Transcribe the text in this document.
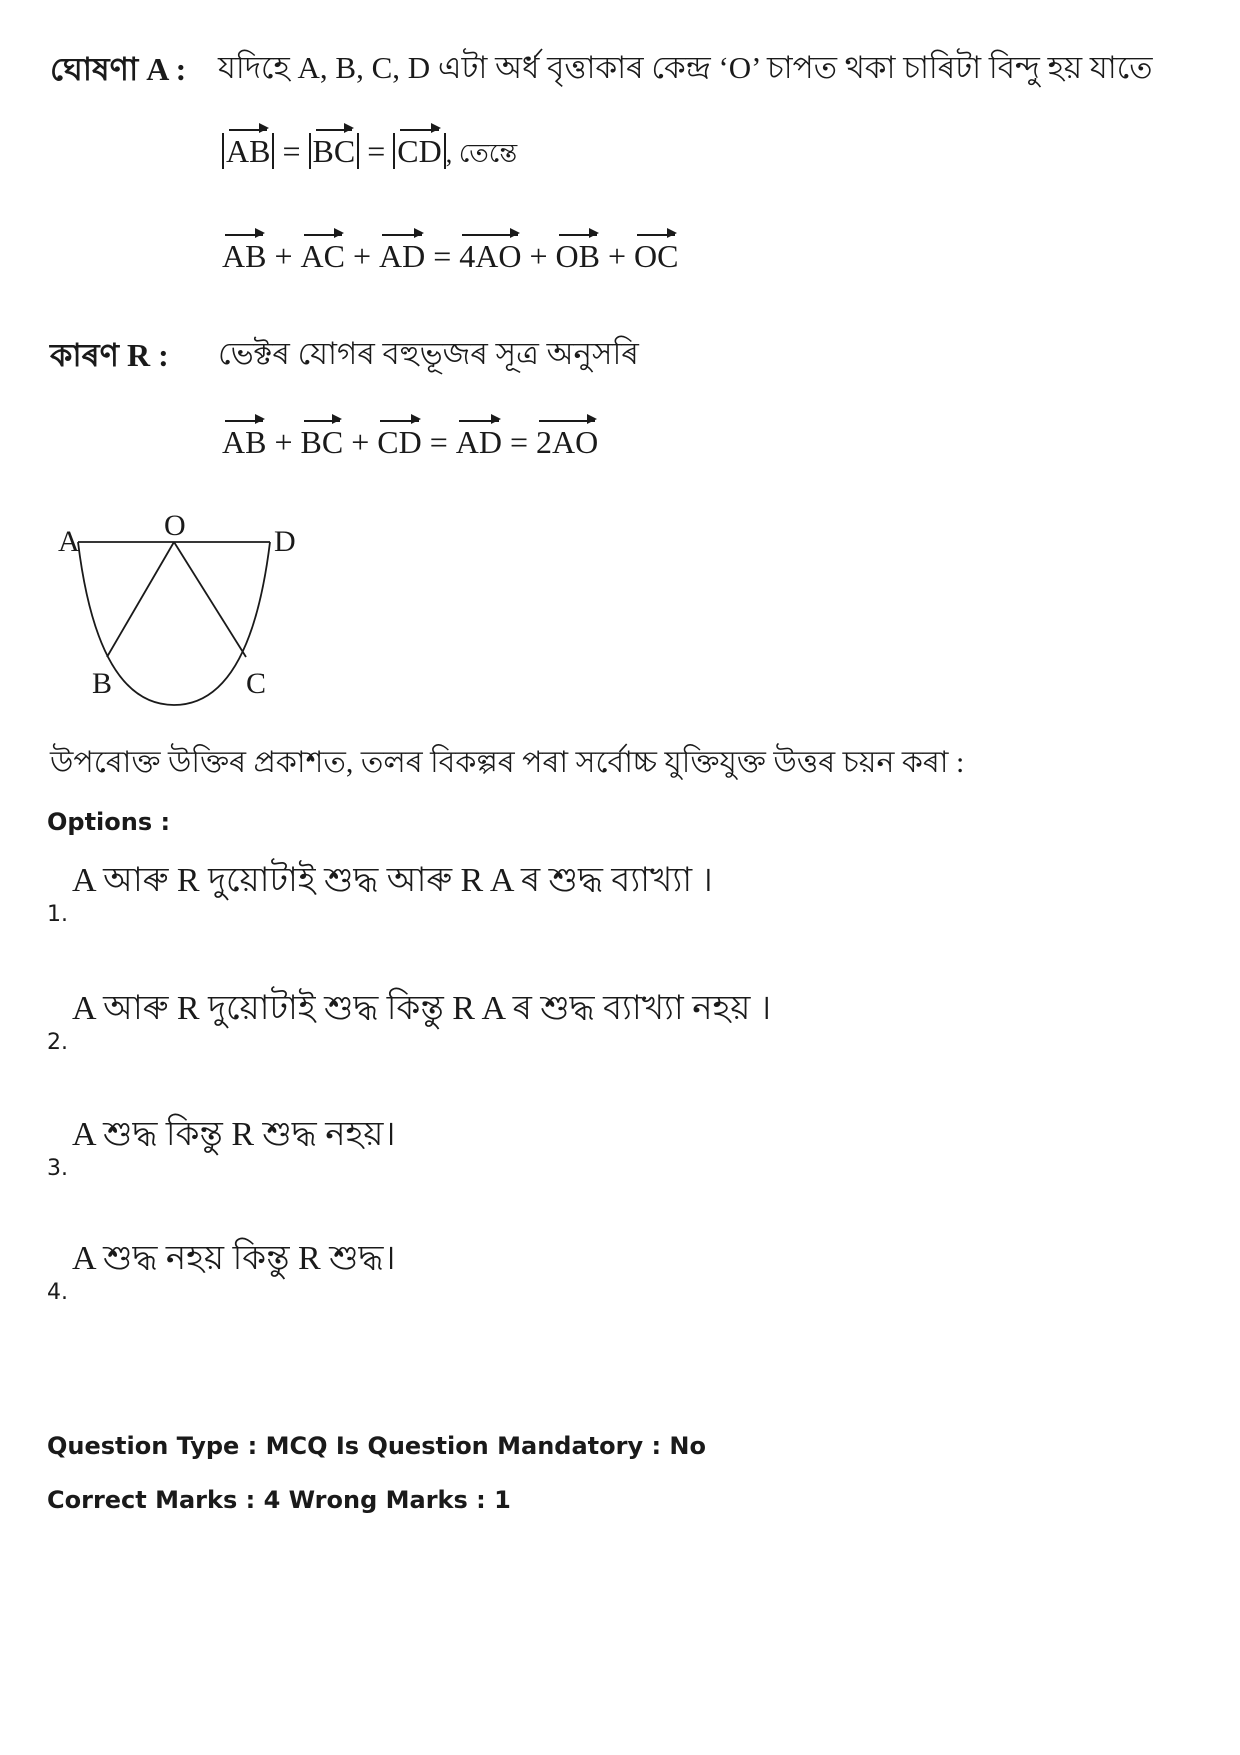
ঘোষণা A : যদিহে A, B, C, D এটা অৰ্ধ বৃত্তাকাৰ কেন্দ্ৰ ‘O’ চাপত থকা চাৰিটা বিন্দু হয় যাতে
AB = BC = CD , তেন্তে
AB + AC + AD = 4AO + OB + OC
কাৰণ R : ভেক্টৰ যোগৰ বহুভূজৰ সূত্ৰ অনুসৰি
AB + BC + CD = AD = 2AO
A	O	D
B	C
উপৰোক্ত উক্তিৰ প্ৰকাশত, তলৰ বিকল্পৰ পৰা সৰ্বোচ্চ যুক্তিযুক্ত উত্তৰ চয়ন কৰা :
Options :
1. A আৰু R দুয়োটাই শুদ্ধ আৰু R A ৰ শুদ্ধ ব্যাখ্যা ।
2. A আৰু R দুয়োটাই শুদ্ধ কিন্তু R A ৰ শুদ্ধ ব্যাখ্যা নহয় ।
3. A শুদ্ধ কিন্তু R শুদ্ধ নহয়।
4. A শুদ্ধ নহয় কিন্তু R শুদ্ধ।
Question Type : MCQ Is Question Mandatory : No
Correct Marks : 4 Wrong Marks : 1
